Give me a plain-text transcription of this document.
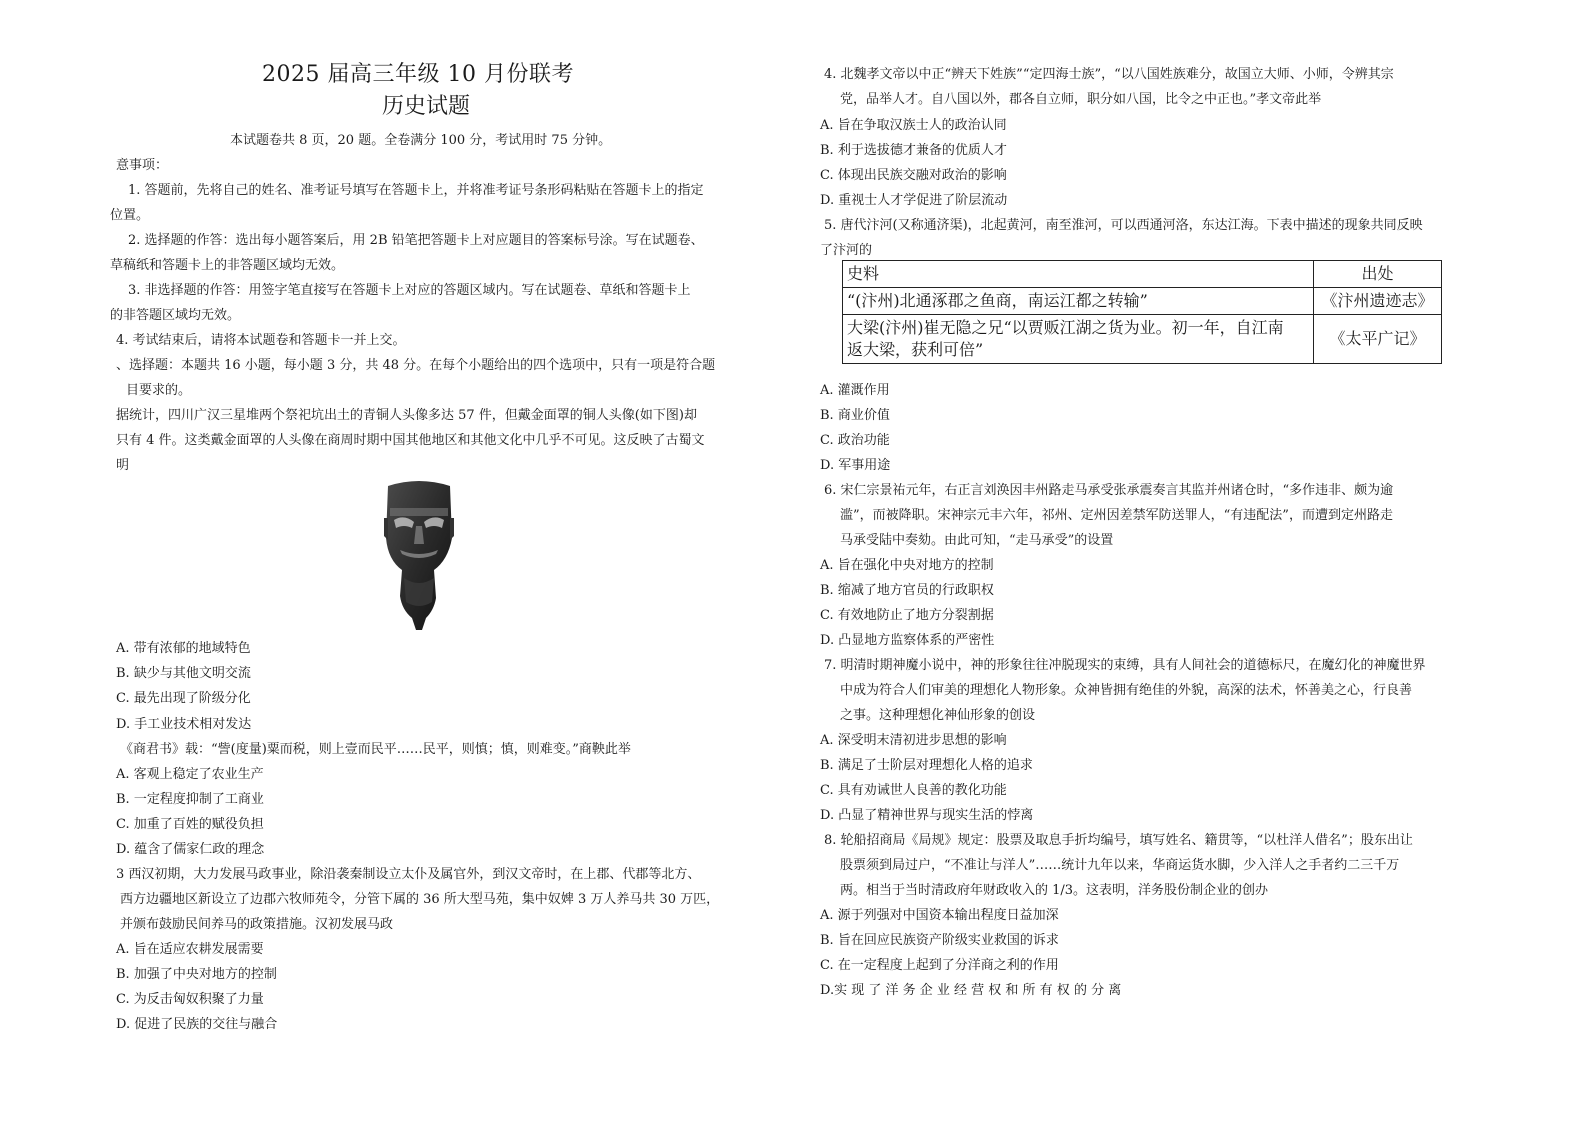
2025 届高三年级 10 月份联考
历史试题
本试题卷共 8 页，20 题。全卷满分 100 分，考试用时 75 分钟。
意事项：
1. 答题前，先将自己的姓名、准考证号填写在答题卡上，并将准考证号条形码粘贴在答题卡上的指定
位置。
2. 选择题的作答：选出每小题答案后，用 2B 铅笔把答题卡上对应题目的答案标号涂。写在试题卷、
草稿纸和答题卡上的非答题区域均无效。
3. 非选择题的作答：用签字笔直接写在答题卡上对应的答题区域内。写在试题卷、草纸和答题卡上
的非答题区域均无效。
4. 考试结束后，请将本试题卷和答题卡一并上交。
、选择题：本题共 16 小题，每小题 3 分，共 48 分。在每个小题给出的四个选项中，只有一项是符合题
目要求的。
据统计，四川广汉三星堆两个祭祀坑出土的青铜人头像多达 57 件，但戴金面罩的铜人头像(如下图)却
只有 4 件。这类戴金面罩的人头像在商周时期中国其他地区和其他文化中几乎不可见。这反映了古蜀文
明
A. 带有浓郁的地域特色
B. 缺少与其他文明交流
C. 最先出现了阶级分化
D. 手工业技术相对发达
《商君书》载：“訾(度量)粟而税，则上壹而民平……民平，则慎；慎，则难变。”商鞅此举
A. 客观上稳定了农业生产
B. 一定程度抑制了工商业
C. 加重了百姓的赋役负担
D. 蕴含了儒家仁政的理念
3 西汉初期，大力发展马政事业，除沿袭秦制设立太仆及属官外，到汉文帝时，在上郡、代郡等北方、
西方边疆地区新设立了边郡六牧师苑令，分管下属的 36 所大型马苑，集中奴婢 3 万人养马共 30 万匹，
并颁布鼓励民间养马的政策措施。汉初发展马政
A. 旨在适应农耕发展需要
B. 加强了中央对地方的控制
C. 为反击匈奴积聚了力量
D. 促进了民族的交往与融合
4. 北魏孝文帝以中正“辨天下姓族”“定四海士族”，“以八国姓族难分，故国立大师、小师，令辨其宗
党，品举人才。自八国以外，郡各自立师，职分如八国，比令之中正也。”孝文帝此举
A. 旨在争取汉族士人的政治认同
B. 利于选拔德才兼备的优质人才
C. 体现出民族交融对政治的影响
D. 重视士人才学促进了阶层流动
5. 唐代汴河(又称通济渠)，北起黄河，南至淮河，可以西通河洛，东达江海。下表中描述的现象共同反映
了汴河的
史料	出处
“(汴州)北通涿郡之鱼商，南运江都之转输”	《汴州遗迹志》

大梁(汴州)崔无隐之兄“以贾贩江湖之货为业。初一年，自江南
返大梁，获利可倍”	《太平广记》
A. 灌溉作用
B. 商业价值
C. 政治功能
D. 军事用途
6. 宋仁宗景祐元年，右正言刘涣因丰州路走马承受张承震奏言其监并州诸仓时，“多作违非、颇为逾
滥”，而被降职。宋神宗元丰六年，祁州、定州因差禁军防送罪人，“有违配法”，而遭到定州路走
马承受陆中奏劾。由此可知，“走马承受”的设置
A. 旨在强化中央对地方的控制
B. 缩减了地方官员的行政职权
C. 有效地防止了地方分裂割据
D. 凸显地方监察体系的严密性
7. 明清时期神魔小说中，神的形象往往冲脱现实的束缚，具有人间社会的道德标尺，在魔幻化的神魔世界
中成为符合人们审美的理想化人物形象。众神皆拥有绝佳的外貌，高深的法术，怀善美之心，行良善
之事。这种理想化神仙形象的创设
A. 深受明末清初进步思想的影响
B. 满足了士阶层对理想化人格的追求
C. 具有劝诫世人良善的教化功能
D. 凸显了精神世界与现实生活的悖离
8. 轮船招商局《局规》规定：股票及取息手折均编号，填写姓名、籍贯等，“以杜洋人借名”；股东出让
股票须到局过户，“不准让与洋人”……统计九年以来，华商运货水脚，少入洋人之手者约二三千万
两。相当于当时清政府年财政收入的 1/3。这表明，洋务股份制企业的创办
A. 源于列强对中国资本输出程度日益加深
B. 旨在回应民族资产阶级实业救国的诉求
C. 在一定程度上起到了分洋商之利的作用
D.实 现 了 洋 务 企 业 经 营 权 和 所 有 权 的 分 离
